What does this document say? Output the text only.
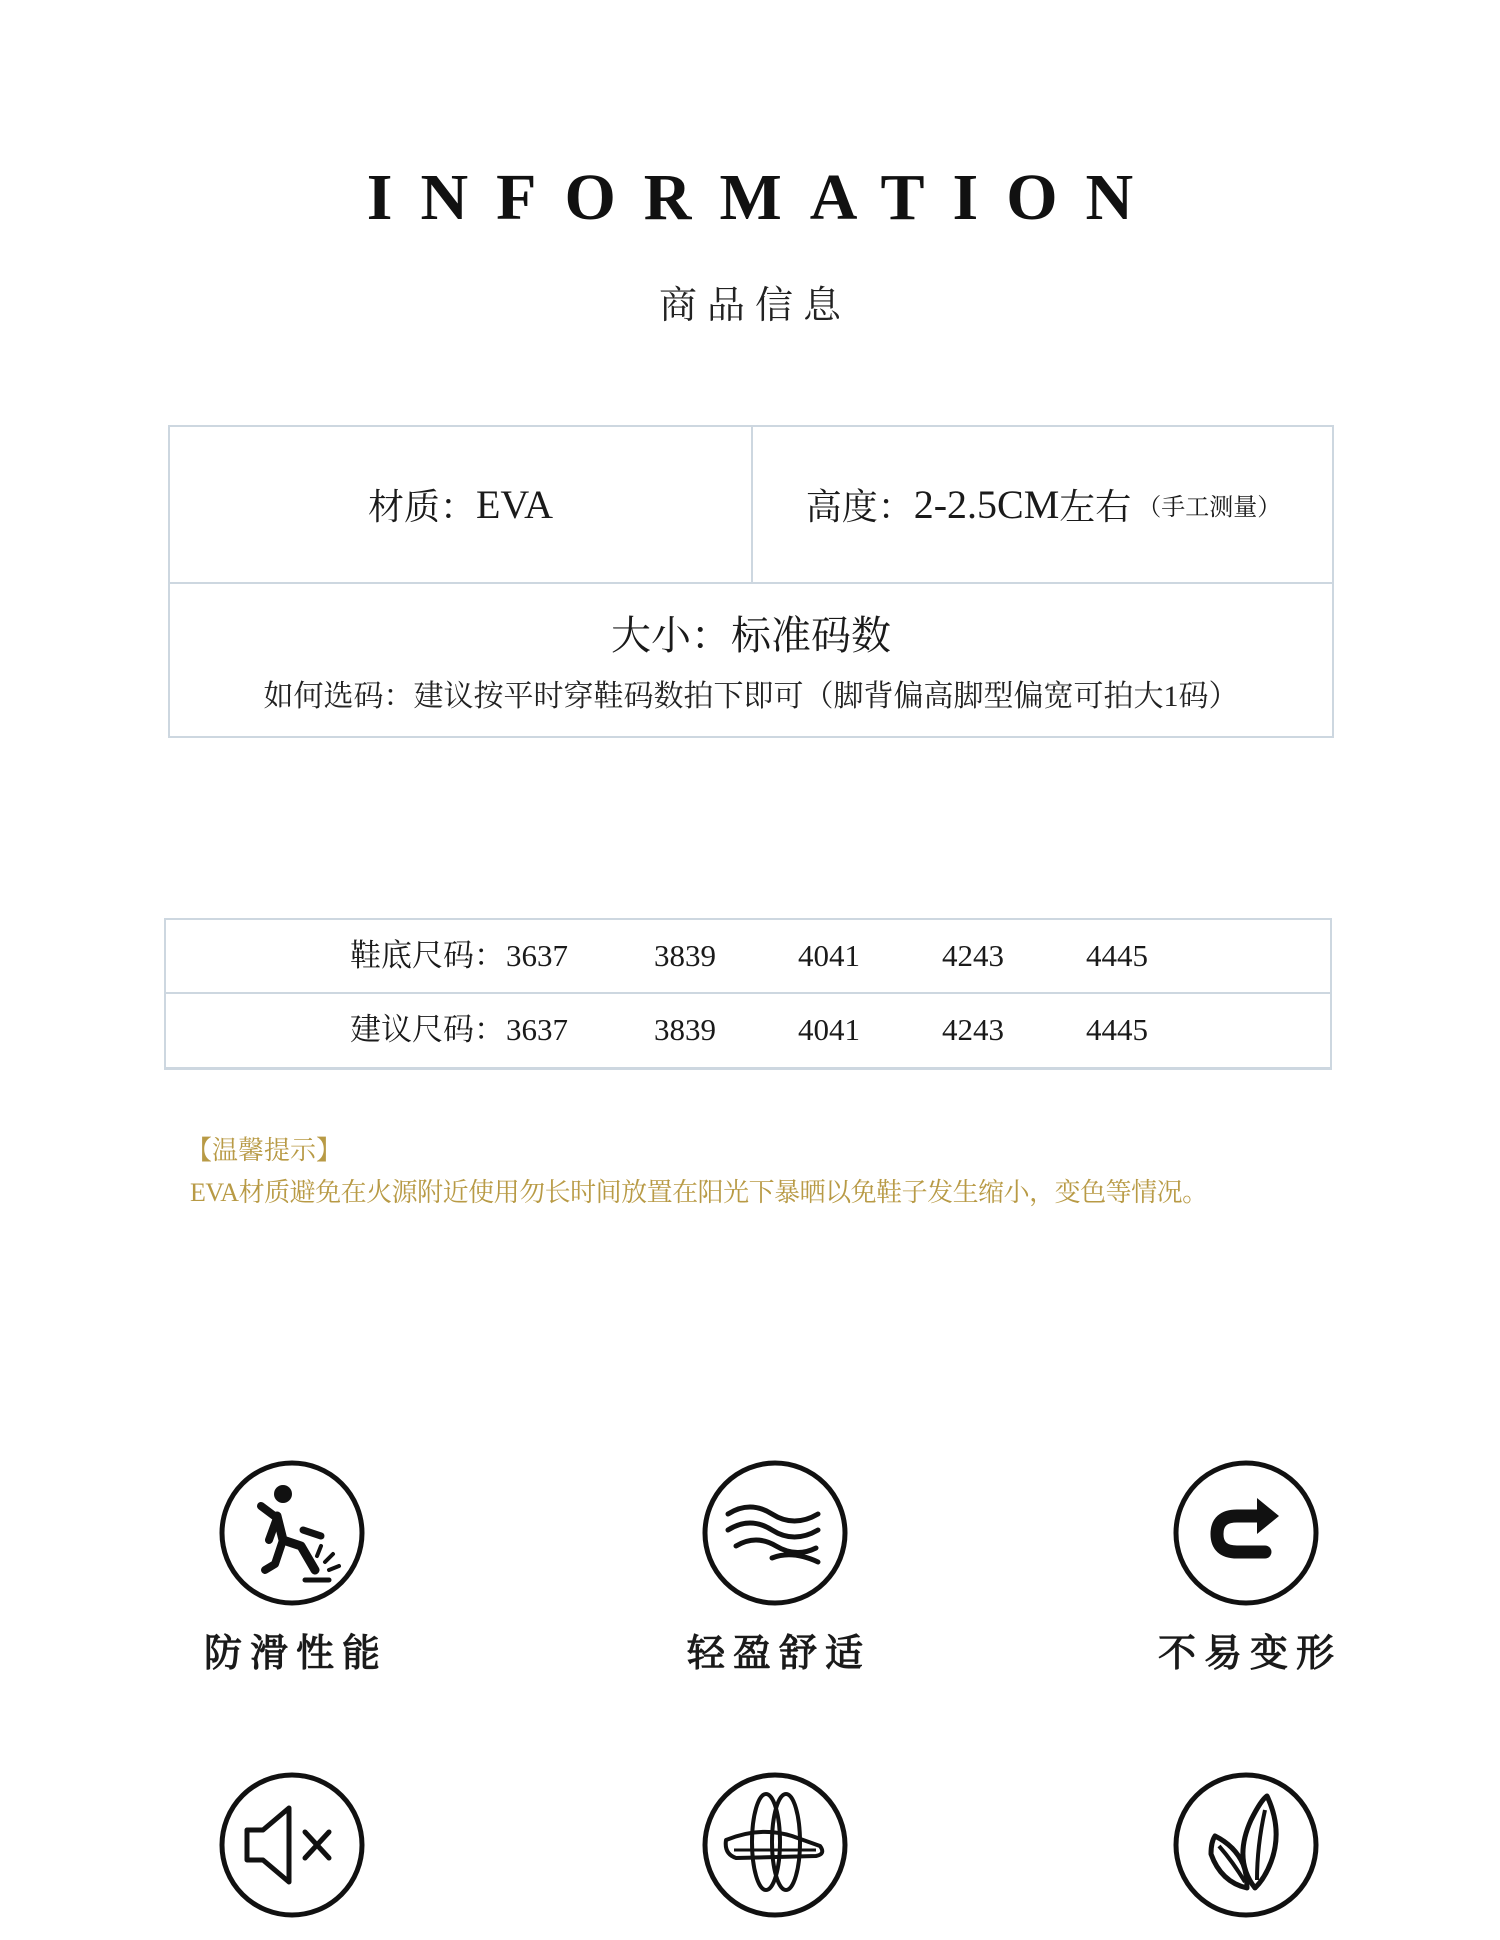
INFORMATION
商品信息
材质： EVA	高度： 2-2.5CM 左右 （手工测量）
大小：标准码数
如何选码：建议按平时穿鞋码数拍下即可（脚背偏高脚型偏宽可拍大1码）
鞋底尺码： 3637	3839	4041	4243	4445
建议尺码： 3637	3839	4041	4243	4445
【温馨提示】
EVA材质避免在火源附近使用勿长时间放置在阳光下暴晒以免鞋子发生缩小，变色等情况。
防滑性能	轻盈舒适	不易变形
